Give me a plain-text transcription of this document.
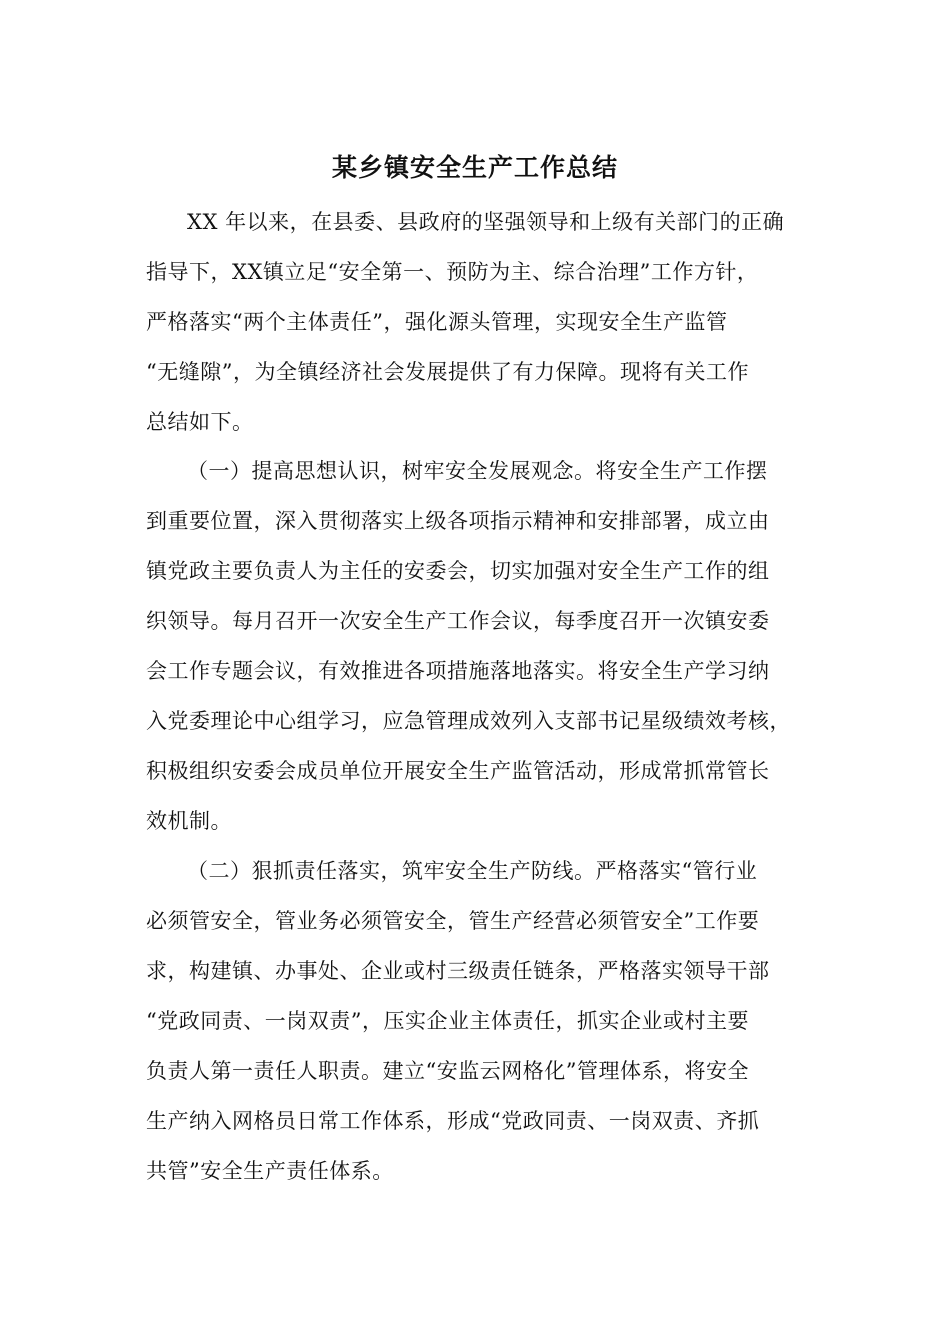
某乡镇安全生产工作总结
XX 年以来，在县委、县政府的坚强领导和上级有关部门的正确
指导下，XX镇立足“安全第一、预防为主、综合治理”工作方针，
严格落实“两个主体责任”，强化源头管理，实现安全生产监管
“无缝隙”，为全镇经济社会发展提供了有力保障。现将有关工作
总结如下。
（一）提高思想认识，树牢安全发展观念。将安全生产工作摆
到重要位置，深入贯彻落实上级各项指示精神和安排部署，成立由
镇党政主要负责人为主任的安委会，切实加强对安全生产工作的组
织领导。每月召开一次安全生产工作会议，每季度召开一次镇安委
会工作专题会议，有效推进各项措施落地落实。将安全生产学习纳
入党委理论中心组学习，应急管理成效列入支部书记星级绩效考核，
积极组织安委会成员单位开展安全生产监管活动，形成常抓常管长
效机制。
（二）狠抓责任落实，筑牢安全生产防线。严格落实“管行业
必须管安全，管业务必须管安全，管生产经营必须管安全”工作要
求，构建镇、办事处、企业或村三级责任链条，严格落实领导干部
“党政同责、一岗双责”，压实企业主体责任，抓实企业或村主要
负责人第一责任人职责。建立“安监云网格化”管理体系，将安全
生产纳入网格员日常工作体系，形成“党政同责、一岗双责、齐抓
共管”安全生产责任体系。
